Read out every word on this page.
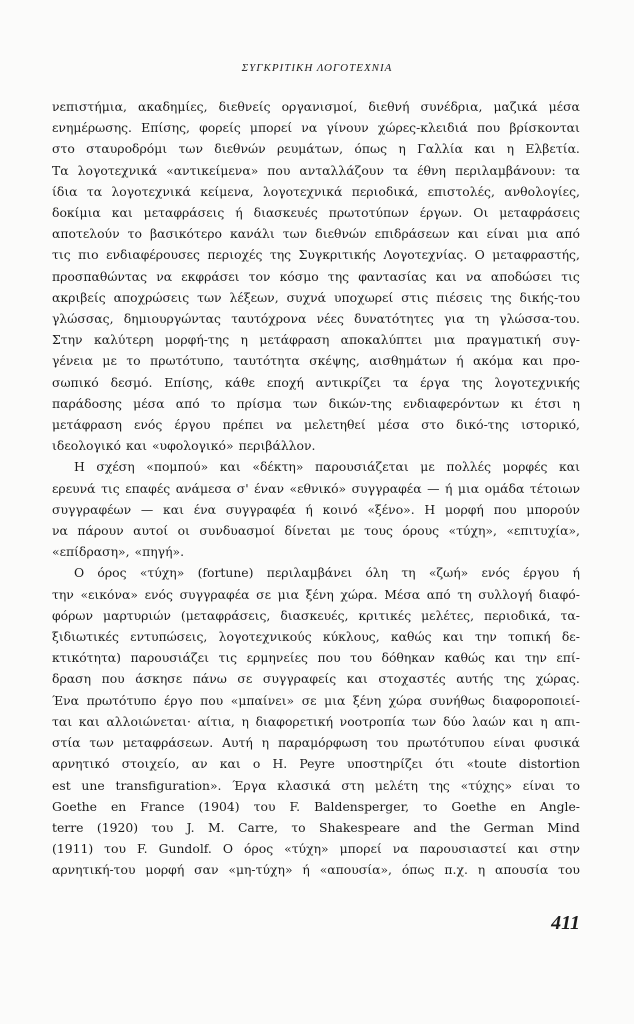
ΣΥΓΚΡΙΤΙΚΗ ΛΟΓΟΤΕΧΝΙΑ
νεπιστήμια, ακαδημίες, διεθνείς οργανισμοί, διεθνή συνέδρια, μαζικά μέσα
ενημέρωσης. Επίσης, φορείς μπορεί να γίνουν χώρες-κλειδιά που βρίσκονται
στο σταυροδρόμι των διεθνών ρευμάτων, όπως η Γαλλία και η Ελβετία.
Τα λογοτεχνικά «αντικείμενα» που ανταλλάζουν τα έθνη περιλαμβάνουν: τα
ίδια τα λογοτεχνικά κείμενα, λογοτεχνικά περιοδικά, επιστολές, ανθολογίες,
δοκίμια και μεταφράσεις ή διασκευές πρωτοτύπων έργων. Οι μεταφράσεις
αποτελούν το βασικότερο κανάλι των διεθνών επιδράσεων και είναι μια από
τις πιο ενδιαφέρουσες περιοχές της Συγκριτικής Λογοτεχνίας. Ο μεταφραστής,
προσπαθώντας να εκφράσει τον κόσμο της φαντασίας και να αποδώσει τις
ακριβείς αποχρώσεις των λέξεων, συχνά υποχωρεί στις πιέσεις της δικής-του
γλώσσας, δημιουργώντας ταυτόχρονα νέες δυνατότητες για τη γλώσσα-του.
Στην καλύτερη μορφή-της η μετάφραση αποκαλύπτει μια πραγματική συγ-
γένεια με το πρωτότυπο, ταυτότητα σκέψης, αισθημάτων ή ακόμα και προ-
σωπικό δεσμό. Επίσης, κάθε εποχή αντικρίζει τα έργα της λογοτεχνικής
παράδοσης μέσα από το πρίσμα των δικών-της ενδιαφερόντων κι έτσι η
μετάφραση ενός έργου πρέπει να μελετηθεί μέσα στο δικό-της ιστορικό,
ιδεολογικό και «υφολογικό» περιβάλλον.
Η σχέση «πομπού» και «δέκτη» παρουσιάζεται με πολλές μορφές και
ερευνά τις επαφές ανάμεσα σ' έναν «εθνικό» συγγραφέα — ή μια ομάδα τέτοιων
συγγραφέων — και ένα συγγραφέα ή κοινό «ξένο». Η μορφή που μπορούν
να πάρουν αυτοί οι συνδυασμοί δίνεται με τους όρους «τύχη», «επιτυχία»,
«επίδραση», «πηγή».
Ο όρος «τύχη» (fortune) περιλαμβάνει όλη τη «ζωή» ενός έργου ή
την «εικόνα» ενός συγγραφέα σε μια ξένη χώρα. Μέσα από τη συλλογή διαφό-
φόρων μαρτυριών (μεταφράσεις, διασκευές, κριτικές μελέτες, περιοδικά, τα-
ξιδιωτικές εντυπώσεις, λογοτεχνικούς κύκλους, καθώς και την τοπική δε-
κτικότητα) παρουσιάζει τις ερμηνείες που του δόθηκαν καθώς και την επί-
δραση που άσκησε πάνω σε συγγραφείς και στοχαστές αυτής της χώρας.
Ένα πρωτότυπο έργο που «μπαίνει» σε μια ξένη χώρα συνήθως διαφοροποιεί-
ται και αλλοιώνεται· αίτια, η διαφορετική νοοτροπία των δύο λαών και η απι-
στία των μεταφράσεων. Αυτή η παραμόρφωση του πρωτότυπου είναι φυσικά
αρνητικό στοιχείο, αν και ο H. Peyre υποστηρίζει ότι «toute distortion
est une transfiguration». Έργα κλασικά στη μελέτη της «τύχης» είναι το
Goethe en France (1904) του F. Baldensperger, το Goethe en Angle-
terre (1920) του J. M. Carre, το Shakespeare and the German Mind
(1911) του F. Gundolf. Ο όρος «τύχη» μπορεί να παρουσιαστεί και στην
αρνητική-του μορφή σαν «μη-τύχη» ή «απουσία», όπως π.χ. η απουσία του
411
